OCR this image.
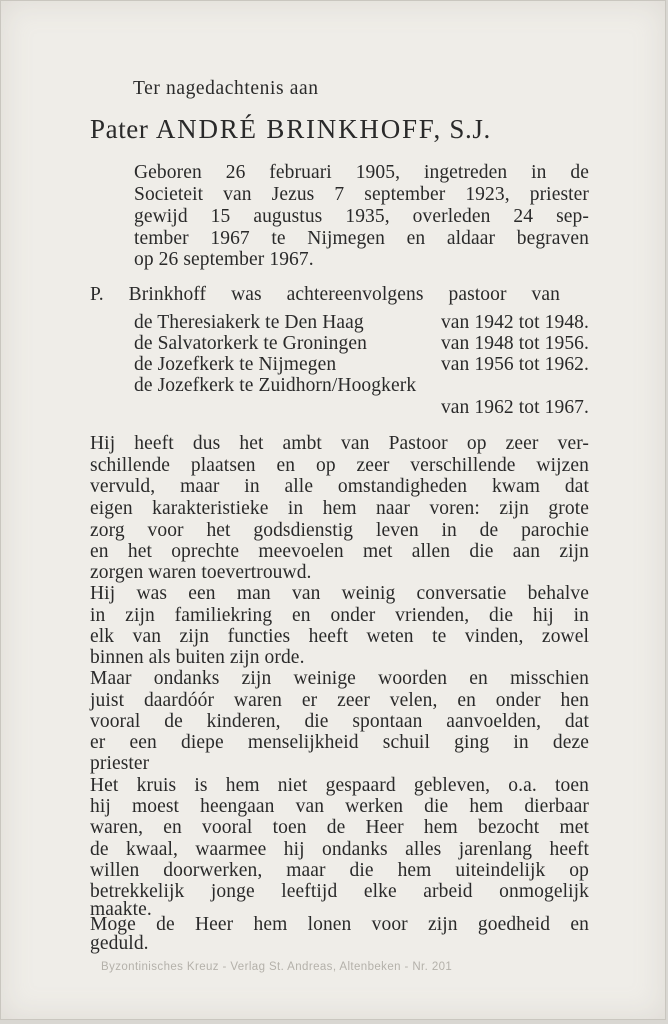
Ter nagedachtenis aan
Pater ANDRÉ BRINKHOFF, S.J.
Geboren 26 februari 1905, ingetreden in de
Societeit van Jezus 7 september 1923, priester
gewijd 15 augustus 1935, overleden 24 sep-
tember 1967 te Nijmegen en aldaar begraven
op 26 september 1967.
P. Brinkhoff was achtereenvolgens pastoor van
de Theresiakerk te Den Haag	van 1942 tot 1948.
de Salvatorkerk te Groningen	van 1948 tot 1956.
de Jozefkerk te Nijmegen	van 1956 tot 1962.
de Jozefkerk te Zuidhorn/Hoogkerk
van 1962 tot 1967.
Hij heeft dus het ambt van Pastoor op zeer ver-
schillende plaatsen en op zeer verschillende wijzen
vervuld, maar in alle omstandigheden kwam dat
eigen karakteristieke in hem naar voren: zijn grote
zorg voor het godsdienstig leven in de parochie
en het oprechte meevoelen met allen die aan zijn
zorgen waren toevertrouwd.
Hij was een man van weinig conversatie behalve
in zijn familiekring en onder vrienden, die hij in
elk van zijn functies heeft weten te vinden, zowel
binnen als buiten zijn orde.
Maar ondanks zijn weinige woorden en misschien
juist daardóór waren er zeer velen, en onder hen
vooral de kinderen, die spontaan aanvoelden, dat
er een diepe menselijkheid schuil ging in deze
priester
Het kruis is hem niet gespaard gebleven, o.a. toen
hij moest heengaan van werken die hem dierbaar
waren, en vooral toen de Heer hem bezocht met
de kwaal, waarmee hij ondanks alles jarenlang heeft
willen doorwerken, maar die hem uiteindelijk op
betrekkelijk jonge leeftijd elke arbeid onmogelijk
maakte.
Moge de Heer hem lonen voor zijn goedheid en
geduld.
Byzontinisches Kreuz - Verlag St. Andreas, Altenbeken - Nr. 201
